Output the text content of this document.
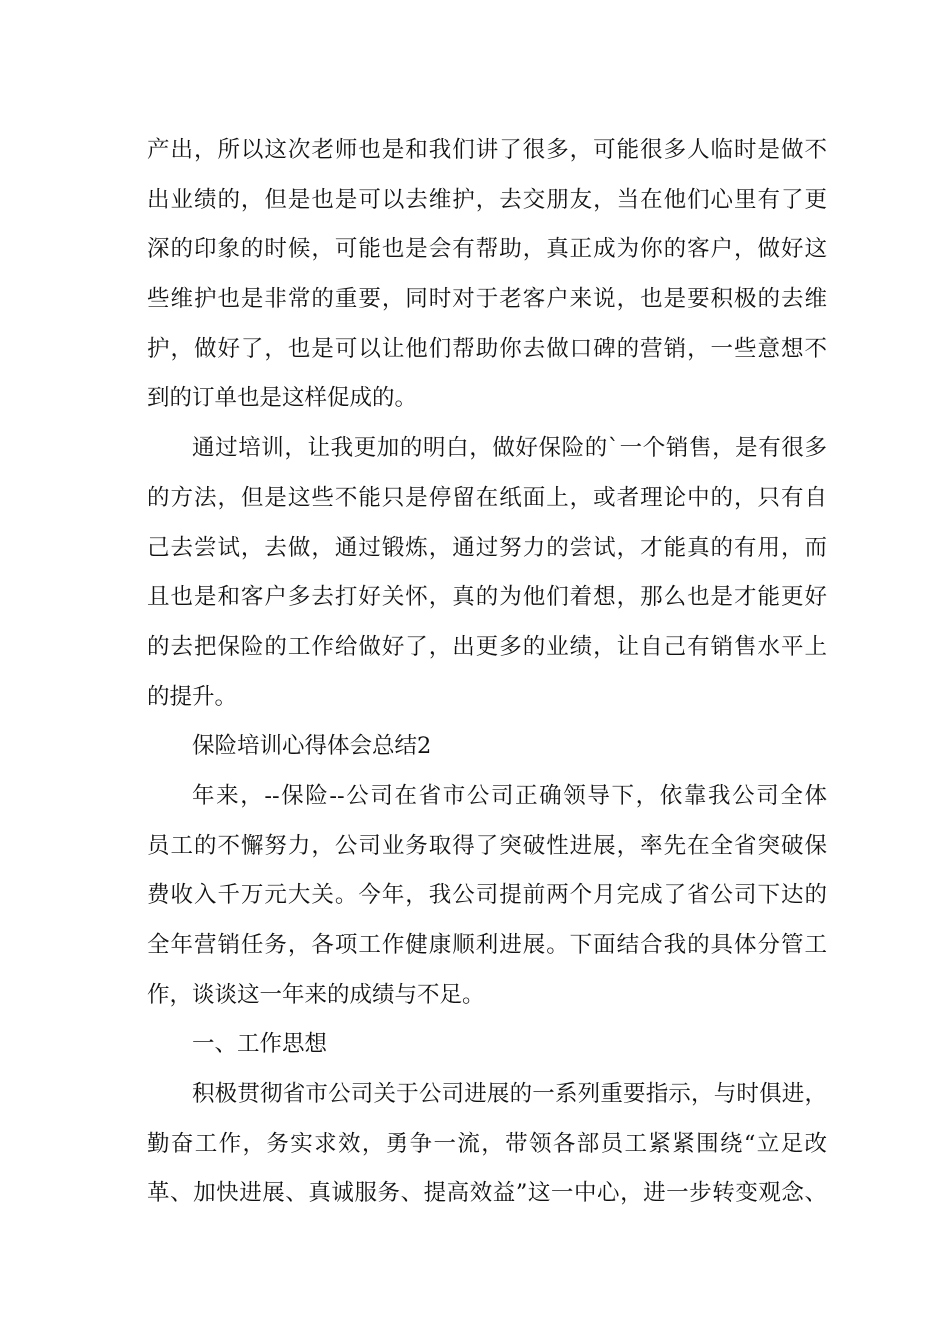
产出，所以这次老师也是和我们讲了很多，可能很多人临时是做不
出业绩的，但是也是可以去维护，去交朋友，当在他们心里有了更
深的印象的时候，可能也是会有帮助，真正成为你的客户，做好这
些维护也是非常的重要，同时对于老客户来说，也是要积极的去维
护，做好了，也是可以让他们帮助你去做口碑的营销，一些意想不
到的订单也是这样促成的。
通过培训，让我更加的明白，做好保险的`一个销售，是有很多
的方法，但是这些不能只是停留在纸面上，或者理论中的，只有自
己去尝试，去做，通过锻炼，通过努力的尝试，才能真的有用，而
且也是和客户多去打好关怀，真的为他们着想，那么也是才能更好
的去把保险的工作给做好了，出更多的业绩，让自己有销售水平上
的提升。
保险培训心得体会总结2
年来，--保险--公司在省市公司正确领导下，依靠我公司全体
员工的不懈努力，公司业务取得了突破性进展，率先在全省突破保
费收入千万元大关。今年，我公司提前两个月完成了省公司下达的
全年营销任务，各项工作健康顺利进展。下面结合我的具体分管工
作，谈谈这一年来的成绩与不足。
一、工作思想
积极贯彻省市公司关于公司进展的一系列重要指示，与时俱进，
勤奋工作，务实求效，勇争一流，带领各部员工紧紧围绕“立足改
革、加快进展、真诚服务、提高效益”这一中心，进一步转变观念、
